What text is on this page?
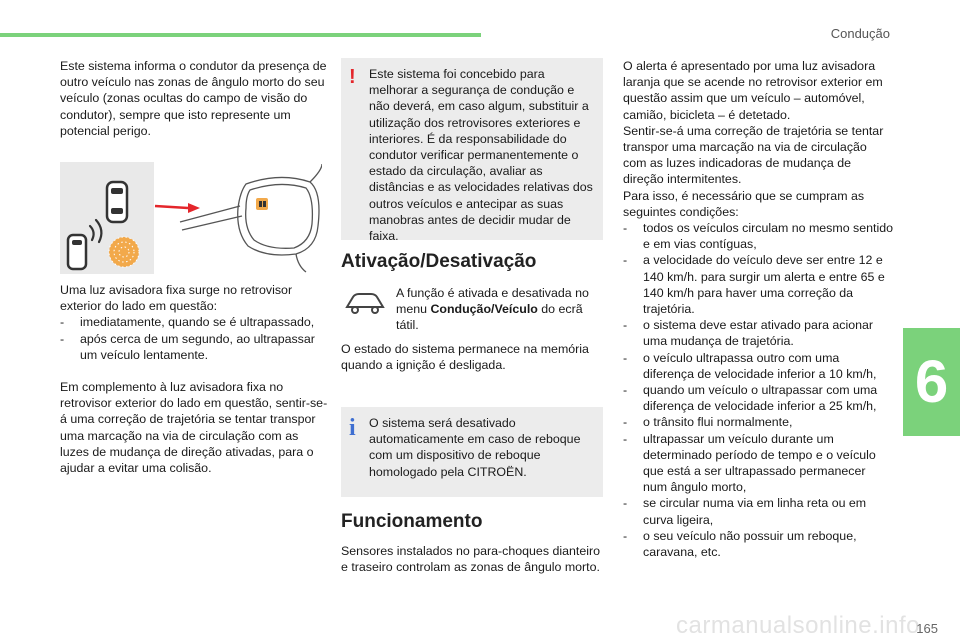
Condução
6

Este sistema informa o condutor da presença de outro veículo nas zonas de ângulo morto do seu veículo (zonas ocultas do campo de visão do condutor), sempre que isto represente um potencial perigo.

Uma luz avisadora fixa surge no retrovisor exterior do lado em questão:

- imediatamente, quando se é ultrapassado,
- após cerca de um segundo, ao ultrapassar um veículo lentamente.

Em complemento à luz avisadora fixa no retrovisor exterior do lado em questão, sentir-se-á uma correção de trajetória se tentar transpor uma marcação na via de circulação com as luzes de mudança de direção ativadas, para o ajudar a evitar uma colisão.

! Este sistema foi concebido para melhorar a segurança de condução e não deverá, em caso algum, substituir a utilização dos retrovisores exteriores e interiores. É da responsabilidade do condutor verificar permanentemente o estado da circulação, avaliar as distâncias e as velocidades relativas dos outros veículos e antecipar as suas manobras antes de decidir mudar de faixa.

Ativação/Desativação

A função é ativada e desativada no menu Condução/Veículo do ecrã tátil.

O estado do sistema permanece na memória quando a ignição é desligada.

i O sistema será desativado automaticamente em caso de reboque com um dispositivo de reboque homologado pela CITROËN.

Funcionamento

Sensores instalados no para-choques dianteiro e traseiro controlam as zonas de ângulo morto.

O alerta é apresentado por uma luz avisadora laranja que se acende no retrovisor exterior em questão assim que um veículo – automóvel, camião, bicicleta – é detetado.

Sentir-se-á uma correção de trajetória se tentar transpor uma marcação na via de circulação com as luzes indicadoras de mudança de direção intermitentes.

Para isso, é necessário que se cumpram as seguintes condições:

- todos os veículos circulam no mesmo sentido e em vias contíguas,
- a velocidade do veículo deve ser entre 12 e 140 km/h. para surgir um alerta e entre 65 e 140 km/h para haver uma correção da trajetória.
- o sistema deve estar ativado para acionar uma mudança de trajetória.
- o veículo ultrapassa outro com uma diferença de velocidade inferior a 10 km/h,
- quando um veículo o ultrapassar com uma diferença de velocidade inferior a 25 km/h,
- o trânsito flui normalmente,
- ultrapassar um veículo durante um determinado período de tempo e o veículo que está a ser ultrapassado permanecer num ângulo morto,
- se circular numa via em linha reta ou em curva ligeira,
- o seu veículo não possuir um reboque, caravana, etc.
carmanualsonline.info
165
